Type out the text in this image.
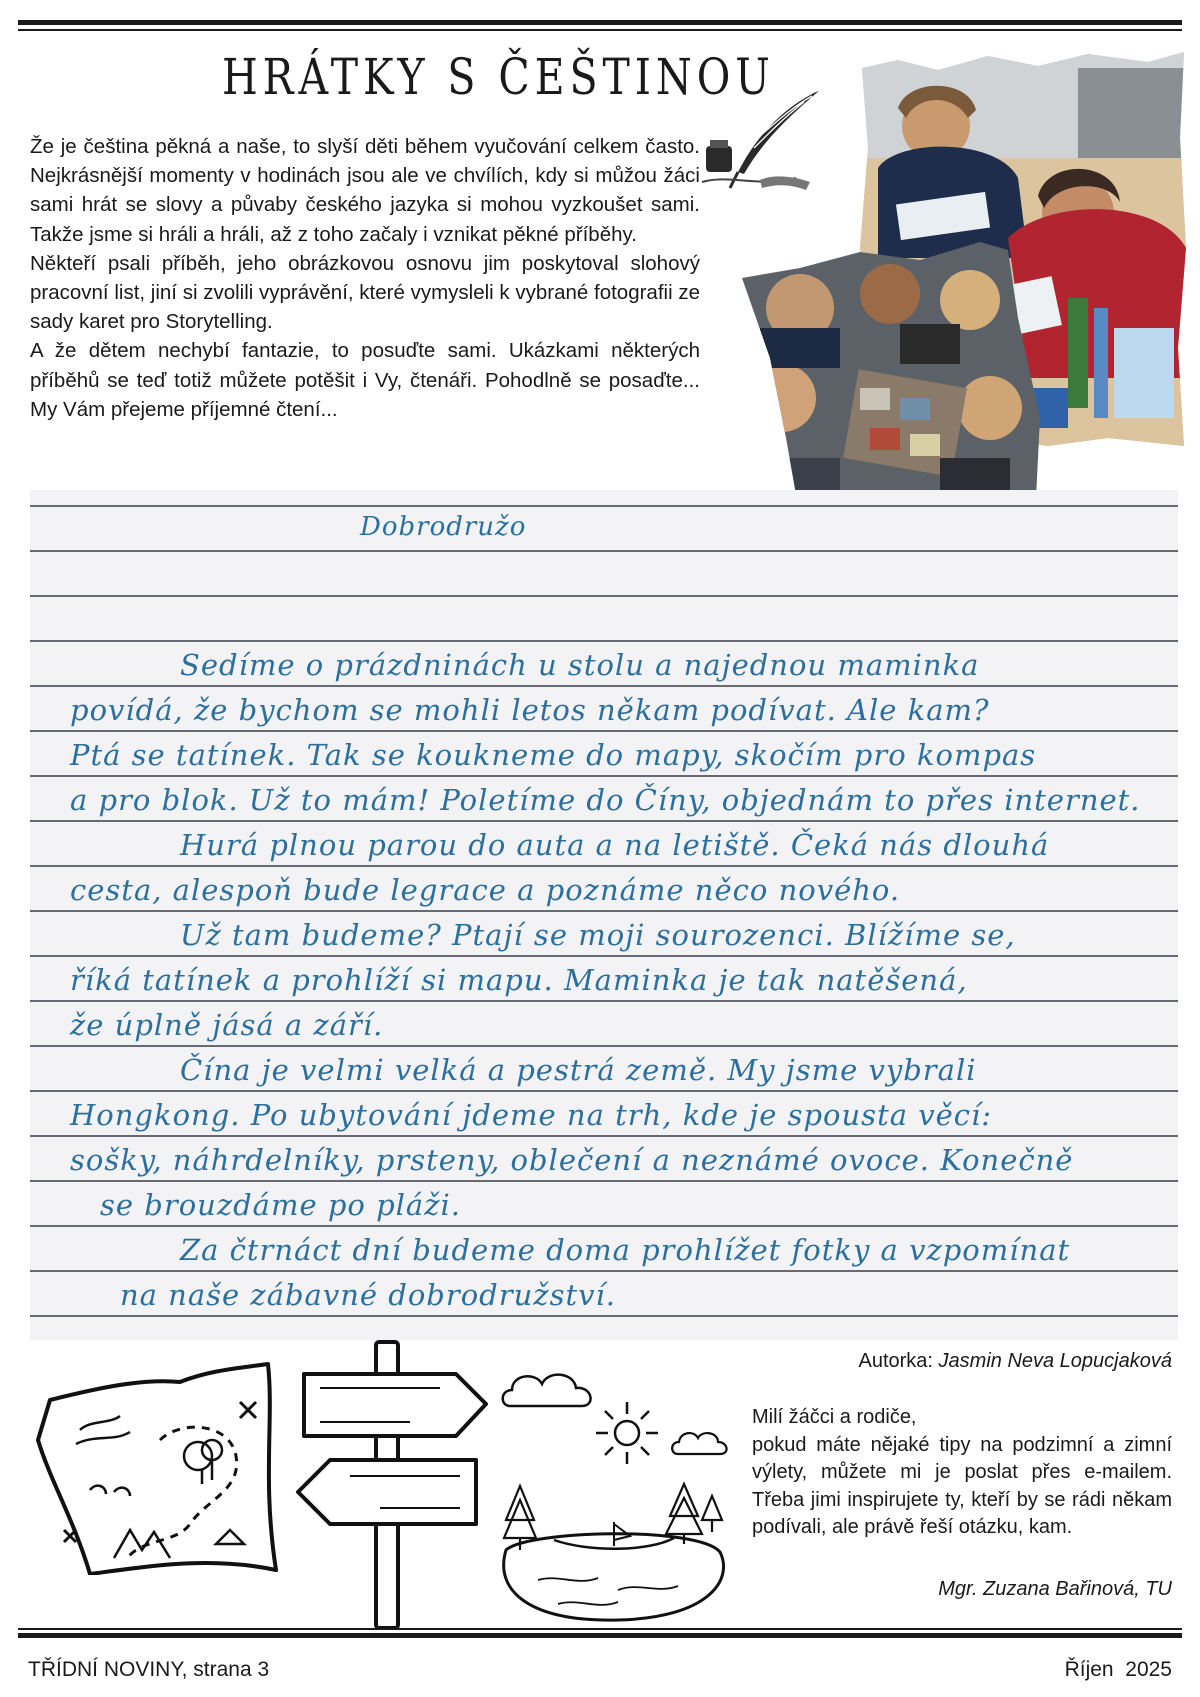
HRÁTKY S ČEŠTINOU

Že je čeština pěkná a naše, to slyší děti během vyučování celkem často. Nejkrásnější momenty v hodinách jsou ale ve chvílích, kdy si můžou žáci sami hrát se slovy a půvaby českého jazyka si mohou vyzkoušet sami. Takže jsme si hráli a hráli, až z toho začaly i vznikat pěkné příběhy.

Někteří psali příběh, jeho obrázkovou osnovu jim poskytoval slohový pracovní list, jiní si zvolili vyprávění, které vymysleli k vybrané fotografii ze sady karet pro Storytelling.

A že dětem nechybí fantazie, to posuďte sami. Ukázkami některých příběhů se teď totiž můžete potěšit i Vy, čtenáři. Pohodlně se posaďte... My Vám přejeme příjemné čtení...

Dobrodružo
Sedíme o prázdninách u stolu a najednou maminka
povídá, že bychom se mohli letos někam podívat. Ale kam?
Ptá se tatínek. Tak se koukneme do mapy, skočím pro kompas
a pro blok. Už to mám! Poletíme do Číny, objednám to přes internet.
Hurá plnou parou do auta a na letiště. Čeká nás dlouhá
cesta, alespoň bude legrace a poznáme něco nového.
Už tam budeme? Ptají se moji sourozenci. Blížíme se,
říká tatínek a prohlíží si mapu. Maminka je tak natěšená,
že úplně jásá a září.
Čína je velmi velká a pestrá země. My jsme vybrali
Hongkong. Po ubytování jdeme na trh, kde je spousta věcí:
sošky, náhrdelníky, prsteny, oblečení a neznámé ovoce. Konečně
se brouzdáme po pláži.
Za čtrnáct dní budeme doma prohlížet fotky a vzpomínat
na naše zábavné dobrodružství.
Autorka: Jasmin Neva Lopucjaková
Milí žáčci a rodiče,
pokud máte nějaké tipy na podzimní a zimní výlety, můžete mi je poslat přes e-mailem. Třeba jimi inspirujete ty, kteří by se rádi někam podívali, ale právě řeší otázku, kam.
Mgr. Zuzana Bařinová, TU
TŘÍDNÍ NOVINY, strana 3	Říjen  2025
